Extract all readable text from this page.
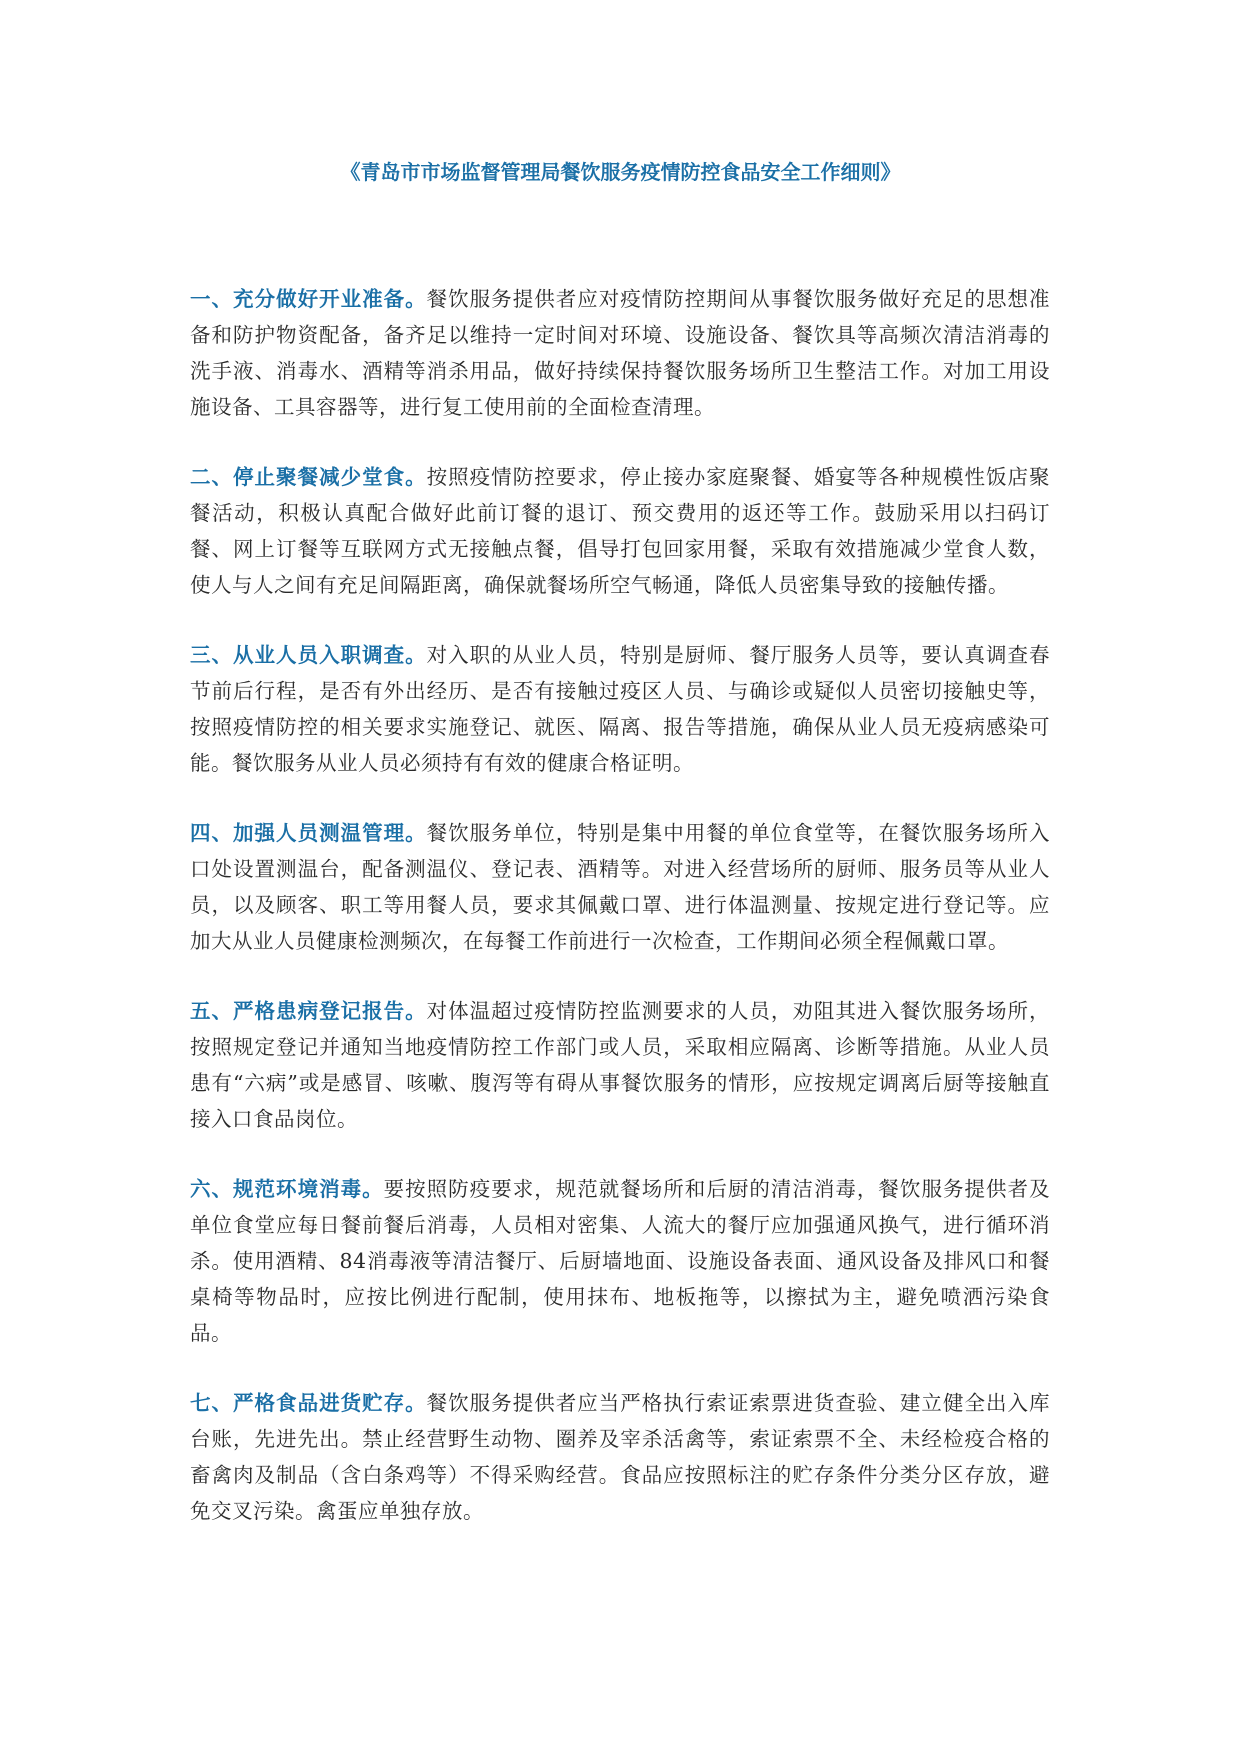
《青岛市市场监督管理局餐饮服务疫情防控食品安全工作细则》

一、充分做好开业准备。餐饮服务提供者应对疫情防控期间从事餐饮服务做好充足的思想准备和防护物资配备，备齐足以维持一定时间对环境、设施设备、餐饮具等高频次清洁消毒的洗手液、消毒水、酒精等消杀用品，做好持续保持餐饮服务场所卫生整洁工作。对加工用设施设备、工具容器等，进行复工使用前的全面检查清理。

二、停止聚餐减少堂食。按照疫情防控要求，停止接办家庭聚餐、婚宴等各种规模性饭店聚餐活动，积极认真配合做好此前订餐的退订、预交费用的返还等工作。鼓励采用以扫码订餐、网上订餐等互联网方式无接触点餐，倡导打包回家用餐，采取有效措施减少堂食人数，使人与人之间有充足间隔距离，确保就餐场所空气畅通，降低人员密集导致的接触传播。

三、从业人员入职调查。对入职的从业人员，特别是厨师、餐厅服务人员等，要认真调查春节前后行程，是否有外出经历、是否有接触过疫区人员、与确诊或疑似人员密切接触史等，按照疫情防控的相关要求实施登记、就医、隔离、报告等措施，确保从业人员无疫病感染可能。餐饮服务从业人员必须持有有效的健康合格证明。

四、加强人员测温管理。餐饮服务单位，特别是集中用餐的单位食堂等，在餐饮服务场所入口处设置测温台，配备测温仪、登记表、酒精等。对进入经营场所的厨师、服务员等从业人员，以及顾客、职工等用餐人员，要求其佩戴口罩、进行体温测量、按规定进行登记等。应加大从业人员健康检测频次，在每餐工作前进行一次检查，工作期间必须全程佩戴口罩。

五、严格患病登记报告。对体温超过疫情防控监测要求的人员，劝阻其进入餐饮服务场所，按照规定登记并通知当地疫情防控工作部门或人员，采取相应隔离、诊断等措施。从业人员患有“六病”或是感冒、咳嗽、腹泻等有碍从事餐饮服务的情形，应按规定调离后厨等接触直接入口食品岗位。

六、规范环境消毒。要按照防疫要求，规范就餐场所和后厨的清洁消毒，餐饮服务提供者及单位食堂应每日餐前餐后消毒，人员相对密集、人流大的餐厅应加强通风换气，进行循环消杀。使用酒精、84消毒液等清洁餐厅、后厨墙地面、设施设备表面、通风设备及排风口和餐桌椅等物品时，应按比例进行配制，使用抹布、地板拖等，以擦拭为主，避免喷洒污染食品。

七、严格食品进货贮存。餐饮服务提供者应当严格执行索证索票进货查验、建立健全出入库台账，先进先出。禁止经营野生动物、圈养及宰杀活禽等，索证索票不全、未经检疫合格的畜禽肉及制品（含白条鸡等）不得采购经营。食品应按照标注的贮存条件分类分区存放，避免交叉污染。禽蛋应单独存放。
